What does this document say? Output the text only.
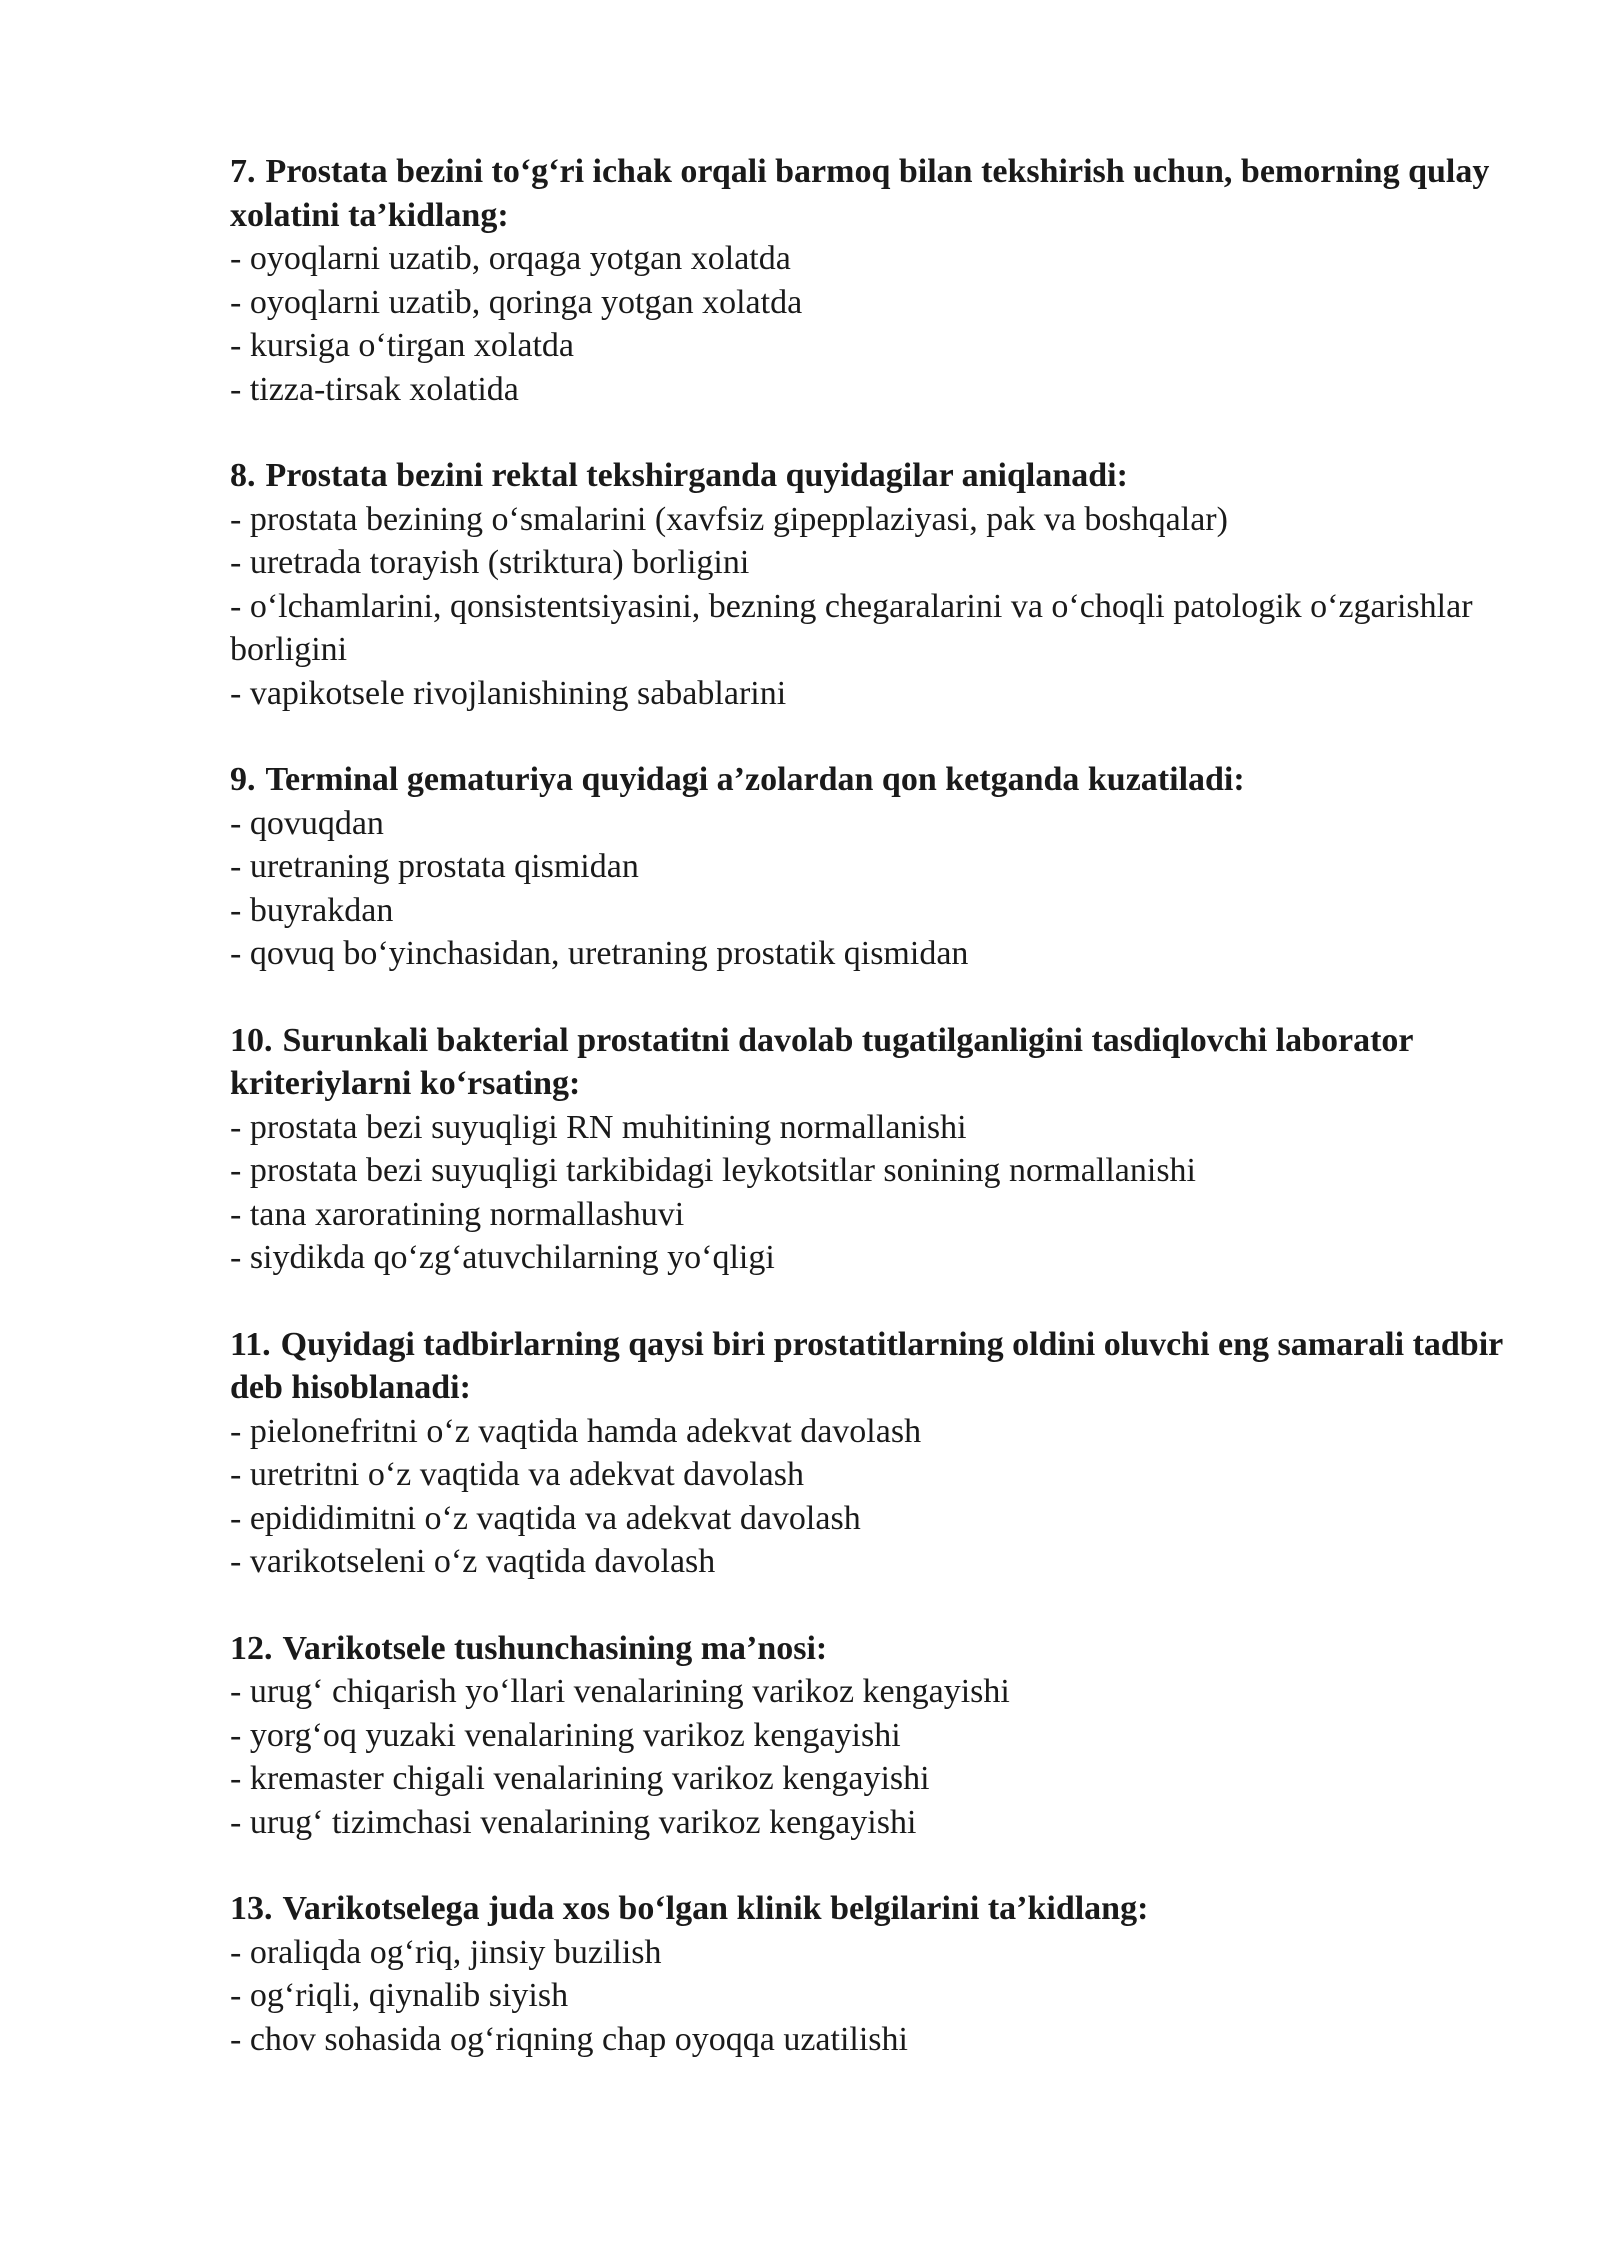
7. Prostata bezini to‘g‘ri ichak orqali barmoq bilan tekshirish uchun, bemorning qulay xolatini ta’kidlang:

- oyoqlarni uzatib, orqaga yotgan xolatda

- oyoqlarni uzatib, qoringa yotgan xolatda

- kursiga o‘tirgan xolatda

- tizza-tirsak xolatida

8. Prostata bezini rektal tekshirganda quyidagilar aniqlanadi:

- prostata bezining o‘smalarini (xavfsiz gipepplaziyasi, pak va boshqalar)

- uretrada torayish (striktura) borligini

- o‘lchamlarini, qonsistentsiyasini, bezning chegaralarini va o‘choqli patologik o‘zgarishlar borligini

- vapikotsele rivojlanishining sabablarini

9. Terminal gematuriya quyidagi a’zolardan qon ketganda kuzatiladi:

- qovuqdan

- uretraning prostata qismidan

- buyrakdan

- qovuq bo‘yinchasidan, uretraning prostatik qismidan

10. Surunkali bakterial prostatitni davolab tugatilganligini tasdiqlovchi laborator kriteriylarni ko‘rsating:

- prostata bezi suyuqligi RN muhitining normallanishi

- prostata bezi suyuqligi tarkibidagi leykotsitlar sonining normallanishi

- tana xaroratining normallashuvi

- siydikda qo‘zg‘atuvchilarning yo‘qligi

11. Quyidagi tadbirlarning qaysi biri prostatitlarning oldini oluvchi eng samarali tadbir deb hisoblanadi:

- pielonefritni o‘z vaqtida hamda adekvat davolash

- uretritni o‘z vaqtida va adekvat davolash

- epididimitni o‘z vaqtida va adekvat davolash

- varikotseleni o‘z vaqtida davolash

12. Varikotsele tushunchasining ma’nosi:

- urug‘ chiqarish yo‘llari venalarining varikoz kengayishi

- yorg‘oq yuzaki venalarining varikoz kengayishi

- kremaster chigali venalarining varikoz kengayishi

- urug‘ tizimchasi venalarining varikoz kengayishi

13. Varikotselega juda xos bo‘lgan klinik belgilarini ta’kidlang:

- oraliqda og‘riq, jinsiy buzilish

- og‘riqli, qiynalib siyish

- chov sohasida og‘riqning chap oyoqqa uzatilishi
